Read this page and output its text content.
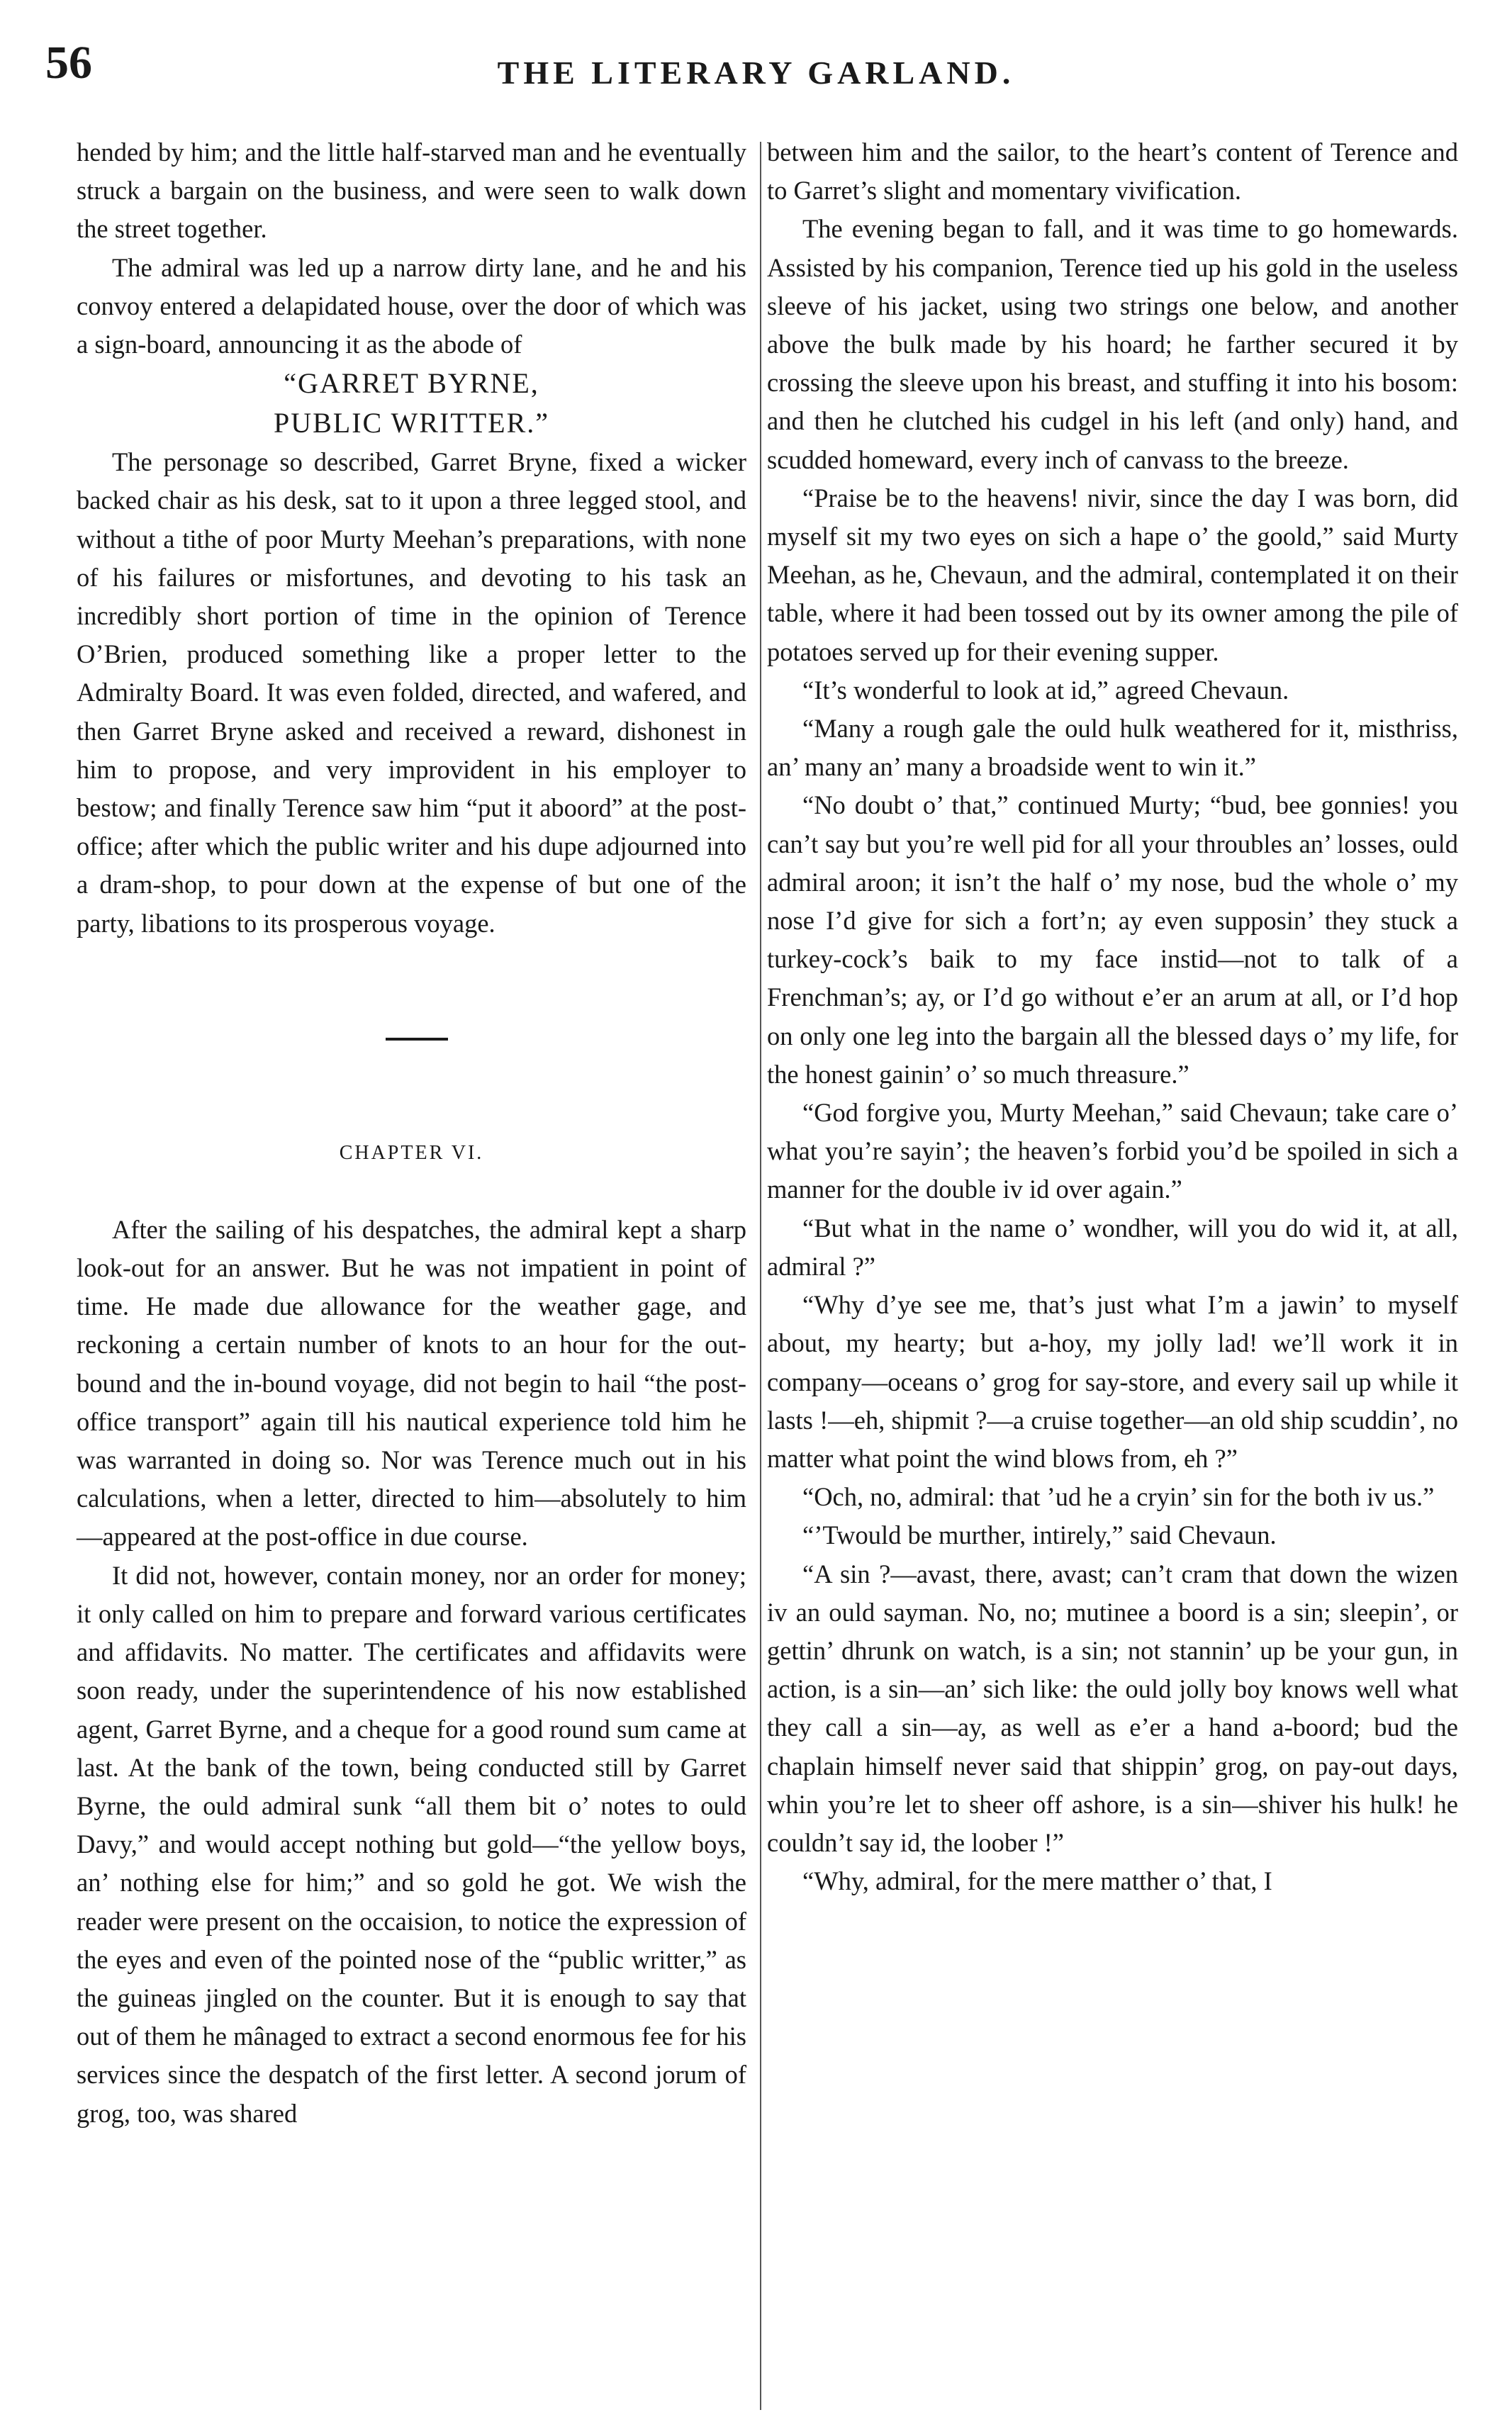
56	THE LITERARY GARLAND.

hended by him; and the little half-starved man and he eventually struck a bargain on the business, and were seen to walk down the street together.

The admiral was led up a narrow dirty lane, and he and his convoy entered a delapidated house, over the door of which was a sign-board, announcing it as the abode of

“GARRET BYRNE,
PUBLIC WRITTER.”

The personage so described, Garret Bryne, fixed a wicker backed chair as his desk, sat to it upon a three legged stool, and without a tithe of poor Murty Meehan’s preparations, with none of his failures or misfortunes, and devoting to his task an incredibly short portion of time in the opinion of Terence O’Brien, produced something like a proper letter to the Admiralty Board. It was even folded, directed, and wafered, and then Garret Bryne asked and received a reward, dishonest in him to propose, and very improvident in his employer to bestow; and finally Terence saw him “put it aboord” at the post-office; after which the public writer and his dupe adjourned into a dram-shop, to pour down at the expense of but one of the party, libations to its prosperous voyage.

CHAPTER VI.

After the sailing of his despatches, the admiral kept a sharp look-out for an answer. But he was not impatient in point of time. He made due allowance for the weather gage, and reckoning a certain number of knots to an hour for the out-bound and the in-bound voyage, did not begin to hail “the post-office transport” again till his nautical experience told him he was warranted in doing so. Nor was Terence much out in his calculations, when a letter, directed to him—absolutely to him—appeared at the post-office in due course.

It did not, however, contain money, nor an order for money; it only called on him to prepare and forward various certificates and affidavits. No matter. The certificates and affidavits were soon ready, under the superintendence of his now established agent, Garret Byrne, and a cheque for a good round sum came at last. At the bank of the town, being conducted still by Garret Byrne, the ould admiral sunk “all them bit o’ notes to ould Davy,” and would accept nothing but gold—“the yellow boys, an’ nothing else for him;” and so gold he got. We wish the reader were present on the occaision, to notice the expression of the eyes and even of the pointed nose of the “public writter,” as the guineas jingled on the counter. But it is enough to say that out of them he mânaged to extract a second enormous fee for his services since the despatch of the first letter. A second jorum of grog, too, was shared

between him and the sailor, to the heart’s content of Terence and to Garret’s slight and momentary vivification.

The evening began to fall, and it was time to go homewards. Assisted by his companion, Terence tied up his gold in the useless sleeve of his jacket, using two strings one below, and another above the bulk made by his hoard; he farther secured it by crossing the sleeve upon his breast, and stuffing it into his bosom: and then he clutched his cudgel in his left (and only) hand, and scudded homeward, every inch of canvass to the breeze.

“Praise be to the heavens! nivir, since the day I was born, did myself sit my two eyes on sich a hape o’ the goold,” said Murty Meehan, as he, Chevaun, and the admiral, contemplated it on their table, where it had been tossed out by its owner among the pile of potatoes served up for their evening supper.

“It’s wonderful to look at id,” agreed Chevaun.

“Many a rough gale the ould hulk weathered for it, misthriss, an’ many an’ many a broadside went to win it.”

“No doubt o’ that,” continued Murty; “bud, bee gonnies! you can’t say but you’re well pid for all your throubles an’ losses, ould admiral aroon; it isn’t the half o’ my nose, bud the whole o’ my nose I’d give for sich a fort’n; ay even supposin’ they stuck a turkey-cock’s baik to my face instid—not to talk of a Frenchman’s; ay, or I’d go without e’er an arum at all, or I’d hop on only one leg into the bargain all the blessed days o’ my life, for the honest gainin’ o’ so much threasure.”

“God forgive you, Murty Meehan,” said Chevaun; take care o’ what you’re sayin’; the heaven’s forbid you’d be spoiled in sich a manner for the double iv id over again.”

“But what in the name o’ wondher, will you do wid it, at all, admiral ?”

“Why d’ye see me, that’s just what I’m a jawin’ to myself about, my hearty; but a-hoy, my jolly lad! we’ll work it in company—oceans o’ grog for say-store, and every sail up while it lasts !—eh, shipmit ?—a cruise together—an old ship scuddin’, no matter what point the wind blows from, eh ?”

“Och, no, admiral: that ’ud he a cryin’ sin for the both iv us.”

“’Twould be murther, intirely,” said Chevaun.

“A sin ?—avast, there, avast; can’t cram that down the wizen iv an ould sayman. No, no; mutinee a boord is a sin; sleepin’, or gettin’ dhrunk on watch, is a sin; not stannin’ up be your gun, in action, is a sin—an’ sich like: the ould jolly boy knows well what they call a sin—ay, as well as e’er a hand a-boord; bud the chaplain himself never said that shippin’ grog, on pay-out days, whin you’re let to sheer off ashore, is a sin—shiver his hulk! he couldn’t say id, the loober !”

“Why, admiral, for the mere matther o’ that, I
